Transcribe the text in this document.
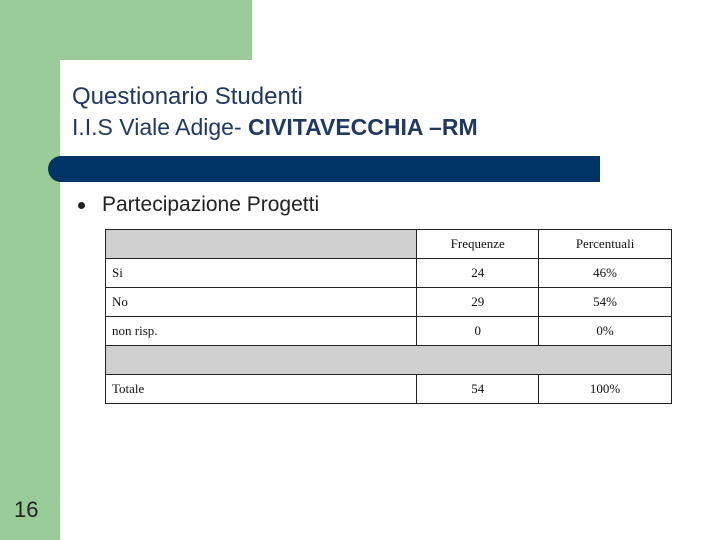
Questionario Studenti
I.I.S Viale Adige- CIVITAVECCHIA –RM
Partecipazione Progetti
	Frequenze	Percentuali
Si	24	46%
No	29	54%
non risp.	0	0%

Totale	54	100%
16
